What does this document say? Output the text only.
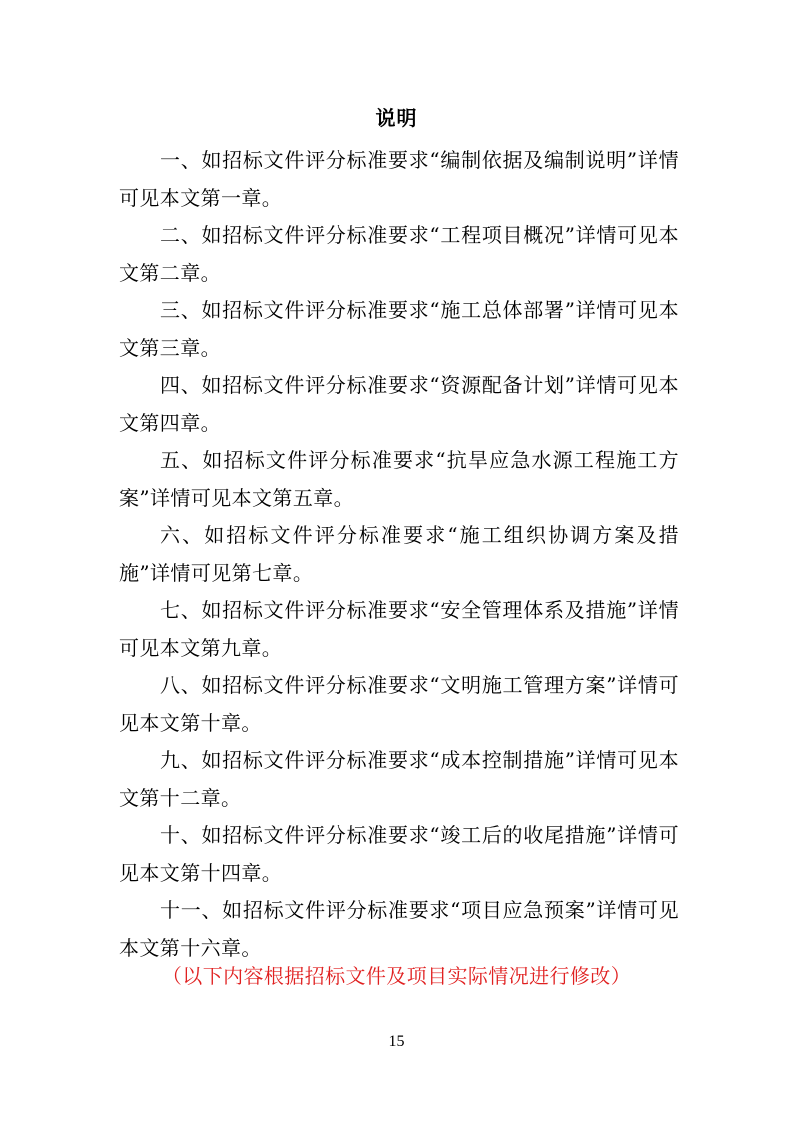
说明

一、如招标文件评分标准要求“编制依据及编制说明”详情可见本文第一章。

二、如招标文件评分标准要求“工程项目概况”详情可见本文第二章。

三、如招标文件评分标准要求“施工总体部署”详情可见本文第三章。

四、如招标文件评分标准要求“资源配备计划”详情可见本文第四章。

五、如招标文件评分标准要求“抗旱应急水源工程施工方案”详情可见本文第五章。

六、如招标文件评分标准要求“施工组织协调方案及措施”详情可见第七章。

七、如招标文件评分标准要求“安全管理体系及措施”详情可见本文第九章。

八、如招标文件评分标准要求“文明施工管理方案”详情可见本文第十章。

九、如招标文件评分标准要求“成本控制措施”详情可见本文第十二章。

十、如招标文件评分标准要求“竣工后的收尾措施”详情可见本文第十四章。

十一、如招标文件评分标准要求“项目应急预案”详情可见本文第十六章。

（以下内容根据招标文件及项目实际情况进行修改）
15
